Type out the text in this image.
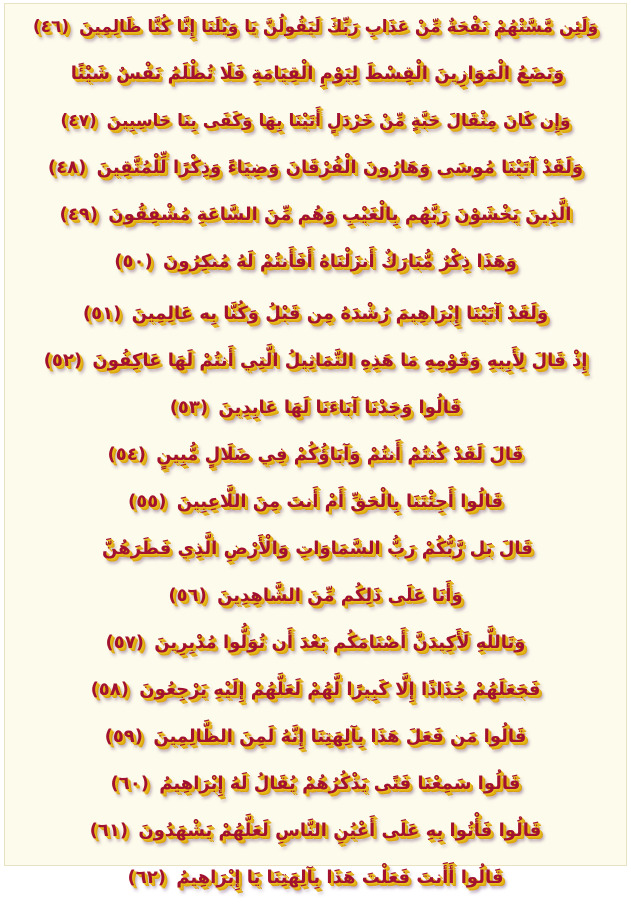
وَلَئِن مَّسَّتْهُمْ نَفْحَةٌ مِّنْ عَذَابِ رَبِّكَ لَيَقُولُنَّ يَا وَيْلَنَا إِنَّا كُنَّا ظَالِمِينَ (٤٦)
وَنَضَعُ الْمَوَازِينَ الْقِسْطَ لِيَوْمِ الْقِيَامَةِ فَلَا تُظْلَمُ نَفْسٌ شَيْئًا
وَإِن كَانَ مِثْقَالَ حَبَّةٍ مِّنْ خَرْدَلٍ أَتَيْنَا بِهَا وَكَفَى بِنَا حَاسِبِينَ (٤٧)
وَلَقَدْ آتَيْنَا مُوسَى وَهَارُونَ الْفُرْقَانَ وَضِيَاءً وَذِكْرًا لِّلْمُتَّقِينَ (٤٨)
الَّذِينَ يَخْشَوْنَ رَبَّهُم بِالْغَيْبِ وَهُم مِّنَ السَّاعَةِ مُشْفِقُونَ (٤٩)
وَهَذَا ذِكْرٌ مُّبَارَكٌ أَنزَلْنَاهُ أَفَأَنتُمْ لَهُ مُنكِرُونَ (٥٠)
وَلَقَدْ آتَيْنَا إِبْرَاهِيمَ رُشْدَهُ مِن قَبْلُ وَكُنَّا بِه عَالِمِينَ (٥١)
إِذْ قَالَ لِأَبِيهِ وَقَوْمِهِ مَا هَذِهِ التَّمَاثِيلُ الَّتِي أَنتُمْ لَهَا عَاكِفُونَ (٥٢)
قَالُوا وَجَدْنَا آبَاءَنَا لَهَا عَابِدِينَ (٥٣)
قَالَ لَقَدْ كُنتُمْ أَنتُمْ وَآبَاؤُكُمْ فِي ضَلَالٍ مُّبِينٍ (٥٤)
قَالُوا أَجِئْتَنَا بِالْحَقِّ أَمْ أَنتَ مِنَ اللَّاعِبِينَ (٥٥)
قَالَ بَل رَّبُّكُمْ رَبُّ السَّمَاوَاتِ وَالْأَرْضِ الَّذِي فَطَرَهُنَّ
وَأَنَا عَلَى ذَلِكُم مِّنَ الشَّاهِدِينَ (٥٦)
وَتَاللَّهِ لَأَكِيدَنَّ أَصْنَامَكُم بَعْدَ أَن تُوَلُّوا مُدْبِرِينَ (٥٧)
فَجَعَلَهُمْ جُذَاذًا إِلَّا كَبِيرًا لَّهُمْ لَعَلَّهُمْ إِلَيْهِ يَرْجِعُونَ (٥٨)
قَالُوا مَن فَعَلَ هَذَا بِآلِهَتِنَا إِنَّهُ لَمِنَ الظَّالِمِينَ (٥٩)
قَالُوا سَمِعْنَا فَتًى يَذْكُرُهُمْ يُقَالُ لَهُ إِبْرَاهِيمُ (٦٠)
قَالُوا فَأْتُوا بِهِ عَلَى أَعْيُنِ النَّاسِ لَعَلَّهُمْ يَشْهَدُونَ (٦١)
قَالُوا أَأَنتَ فَعَلْتَ هَذَا بِآلِهَتِنَا يَا إِبْرَاهِيمُ (٦٢)
